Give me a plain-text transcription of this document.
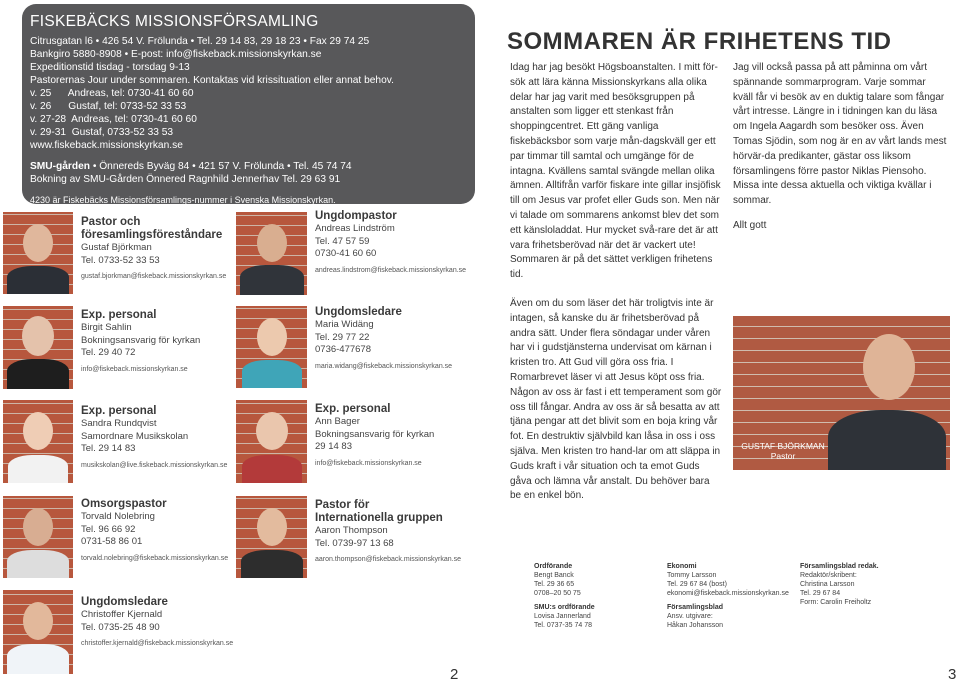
FISKEBÄCKS MISSIONSFÖRSAMLING
Citrusgatan l6 • 426 54 V. Frölunda • Tel. 29 14 83, 29 18 23 • Fax 29 74 25
Bankgiro 5880-8908 • E-post: info@fiskeback.missionskyrkan.se
Expeditionstid tisdag - torsdag 9-13
Pastorernas Jour under sommaren. Kontaktas vid krissituation eller annat behov.
v. 25      Andreas, tel: 0730-41 60 60
v. 26      Gustaf, tel: 0733-52 33 53
v. 27-28  Andreas, tel: 0730-41 60 60
v. 29-31  Gustaf, 0733-52 33 53
www.fiskeback.missionskyrkan.se
SMU-gården • Önnereds Byväg 84 • 421 57 V. Frölunda • Tel. 45 74 74
Bokning av SMU-Gården Önnered Ragnhild Jennerhav Tel. 29 63 91
4230 är Fiskebäcks Missionsförsamlings-nummer i Svenska Missionskyrkan.
Pastor och
föresamlingsföreståndare
Gustaf Björkman
Tel. 0733-52 33 53
gustaf.bjorkman@fiskeback.missionskyrkan.se
Ungdompastor
Andreas Lindström
Tel. 47 57 59
0730-41 60 60
andreas.lindstrom@fiskeback.missionskyrkan.se
Exp. personal
Birgit Sahlin
Bokningsansvarig för kyrkan
Tel. 29 40 72
info@fiskeback.missionskyrkan.se
Ungdomsledare
Maria Widäng
Tel. 29 77 22
0736-477678
maria.widang@fiskeback.missionskyrkan.se
Exp. personal
Sandra Rundqvist
Samordnare Musikskolan
Tel. 29 14 83
musikskolan@live.fiskeback.missionskyrkan.se
Exp. personal
Ann Bager
Bokningsansvarig för kyrkan
29 14 83
info@fiskeback.missionskyrkan.se
Omsorgspastor
Torvald Nolebring
Tel. 96 66 92
0731-58 86 01
torvald.nolebring@fiskeback.missionskyrkan.se
Pastor för
Internationella gruppen
Aaron Thompson
Tel. 0739-97 13 68
aaron.thompson@fiskeback.missionskyrkan.se
Ungdomsledare
Christoffer Kjernald
Tel. 0735-25 48 90
christoffer.kjernald@fiskeback.missionskyrkan.se
SOMMAREN ÄR FRIHETENS TID

Idag har jag besökt Högsboanstalten. I mitt för-sök att lära känna Missionskyrkans alla olika delar har jag varit med besöksgruppen på anstalten som ligger ett stenkast från shoppingcentret. Ett gäng vanliga fiskebäcksbor som varje mån-dagskväll ger ett par timmar till samtal och umgänge för de intagna. Kvällens samtal svängde mellan olika ämnen. Alltifrån varför fiskare inte gillar insjöfisk till om Jesus var profet eller Guds son. Men när vi talade om sommarens ankomst blev det som ett känsloladdat. Hur mycket svå-rare det är att vara frihetsberövad när det är vackert ute! Sommaren är på det sättet verkligen frihetens tid.

Även om du som läser det här troligtvis inte är intagen, så kanske du är frihetsberövad på andra sätt. Under flera söndagar under våren har vi i gudstjänsterna undervisat om kärnan i kristen tro. Att Gud vill göra oss fria. I Romarbrevet läser vi att Jesus köpt oss fria. Någon av oss är fast i ett temperament som gör oss till fångar. Andra av oss är så besatta av att tjäna pengar att det blivit som en boja kring vår fot. En destruktiv självbild kan låsa in oss i oss själva. Men kristen tro hand-lar om att släppa in Guds kraft i vår situation och ta emot Guds gåva och lämna vår anstalt. Du behöver bara be en enkel bön.

Jag vill också passa på att påminna om vårt spännande sommarprogram. Varje sommar kväll får vi besök av en duktig talare som fångar vårt intresse. Längre in i tidningen kan du läsa om Ingela Aagardh som besöker oss. Även Tomas Sjödin, som nog är en av vårt lands mest hörvär-da predikanter, gästar oss liksom församlingens förre pastor Niklas Piensoho. Missa inte dessa aktuella och viktiga kvällar i sommar.

Allt gott

GUSTAF BJÖRKMAN
Pastor
Ordförande
Bengt Banck
Tel. 29 36 65
0708–20 50 75

SMU:s ordförande
Lovisa Jannerland
Tel. 0737-35 74 78
Ekonomi
Tommy Larsson
Tel. 29 67 84 (bost)
ekonomi@fiskeback.missionskyrkan.se

Församlingsblad
Ansv. utgivare:
Håkan Johansson
Församlingsblad redak.
Redaktör/skribent:
Christina Larsson
Tel. 29 67 84
Form: Carolin Freiholtz
2	3
